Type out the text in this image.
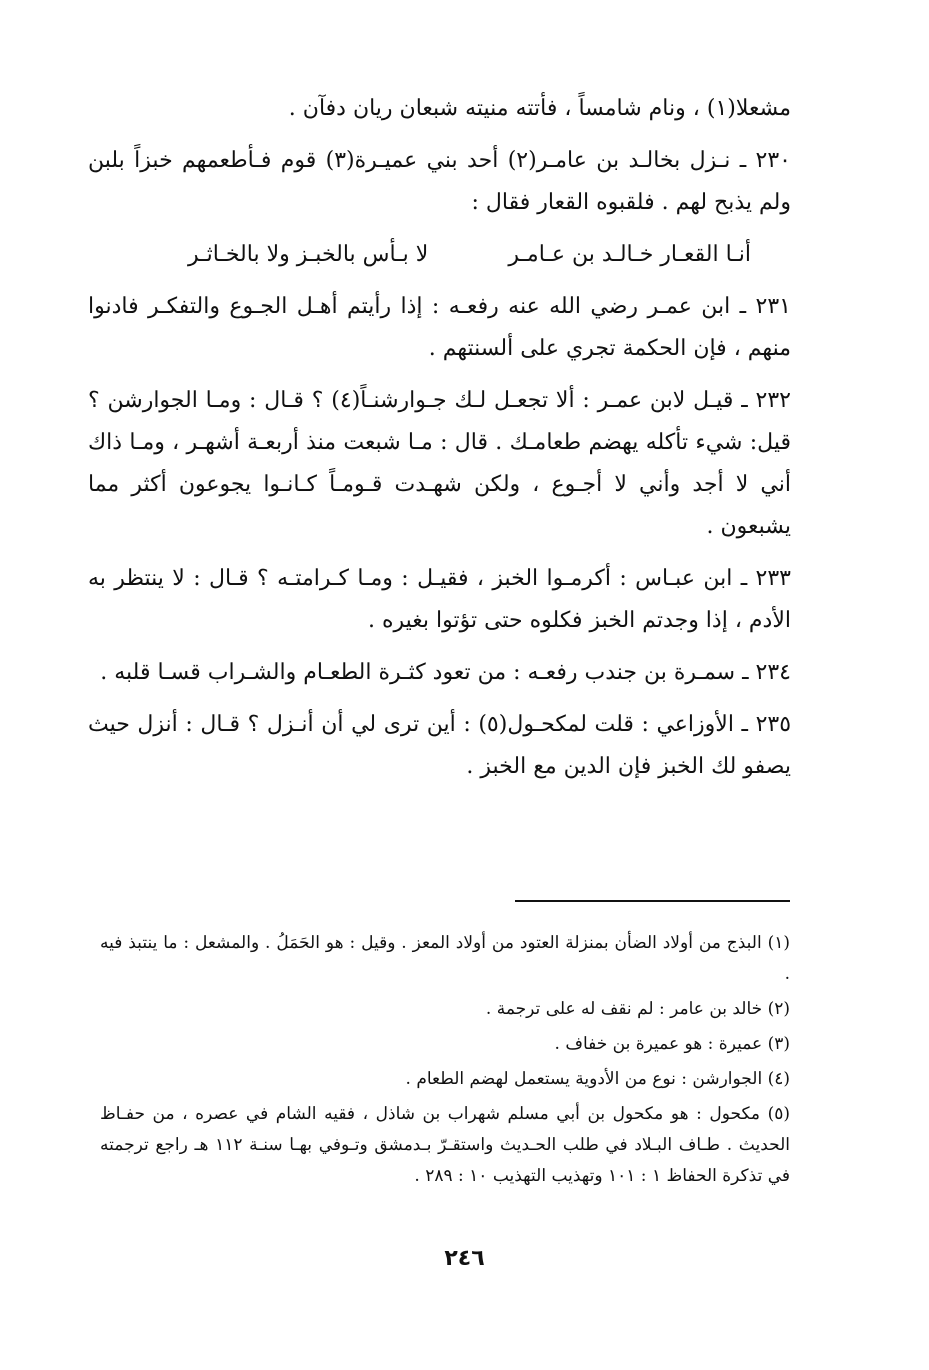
مشعلا(١) ، ونام شامساً ، فأتته منيته شبعان ريان دفآن .

٢٣٠ ـ نـزل بخالـد بن عامـر(٢) أحد بني عميـرة(٣) قوم فـأطعمهم خبزاً بلبن ولم يذبح لهم . فلقبوه القعار فقال :

أنـا القعـار خـالـد بن عـامـر
لا بـأس بالخبـز ولا بالخـاثـر

٢٣١ ـ ابن عمـر رضي الله عنه رفعـه : إذا رأيتم أهـل الجـوع والتفكـر فادنوا منهم ، فإن الحكمة تجري على ألسنتهم .

٢٣٢ ـ قيـل لابن عمـر : ألا تجعـل لـك جـوارشنـاً(٤) ؟ قـال : ومـا الجوارشن ؟ قيل: شيء تأكله يهضم طعامـك . قال : مـا شبعت منذ أربعـة أشهـر ، ومـا ذاك أني لا أجد وأني لا أجـوع ، ولكن شهـدت قـومـاً كـانـوا يجوعون أكثر مما يشبعون .

٢٣٣ ـ ابن عبـاس : أكرمـوا الخبز ، فقيـل : ومـا كـرامتـه ؟ قـال : لا ينتظر به الأدم ، إذا وجدتم الخبز فكلوه حتى تؤتوا بغيره .

٢٣٤ ـ سمـرة بن جندب رفعـه : من تعود كثـرة الطعـام والشـراب قسـا قلبه .

٢٣٥ ـ الأوزاعي : قلت لمكحـول(٥) : أين ترى لي أن أنـزل ؟ قـال : أنزل حيث يصفو لك الخبز فإن الدين مع الخبز .

(١) البذج من أولاد الضأن بمنزلة العتود من أولاد المعز . وقيل : هو الحَمَلُ . والمشعل : ما ينتبذ فيه .

(٢) خالد بن عامر : لم نقف له على ترجمة .

(٣) عميرة : هو عميرة بن خفاف .

(٤) الجوارشن : نوع من الأدوية يستعمل لهضم الطعام .

(٥) مكحول : هو مكحول بن أبي مسلم شهراب بن شاذل ، فقيه الشام في عصره ، من حفـاظ الحديث . طـاف البـلاد في طلب الحـديث واستقـرّ بـدمشق وتـوفي بهـا سنـة ١١٢ هـ راجع ترجمته في تذكرة الحفاظ ١ : ١٠١ وتهذيب التهذيب ١٠ : ٢٨٩ .

٢٤٦
